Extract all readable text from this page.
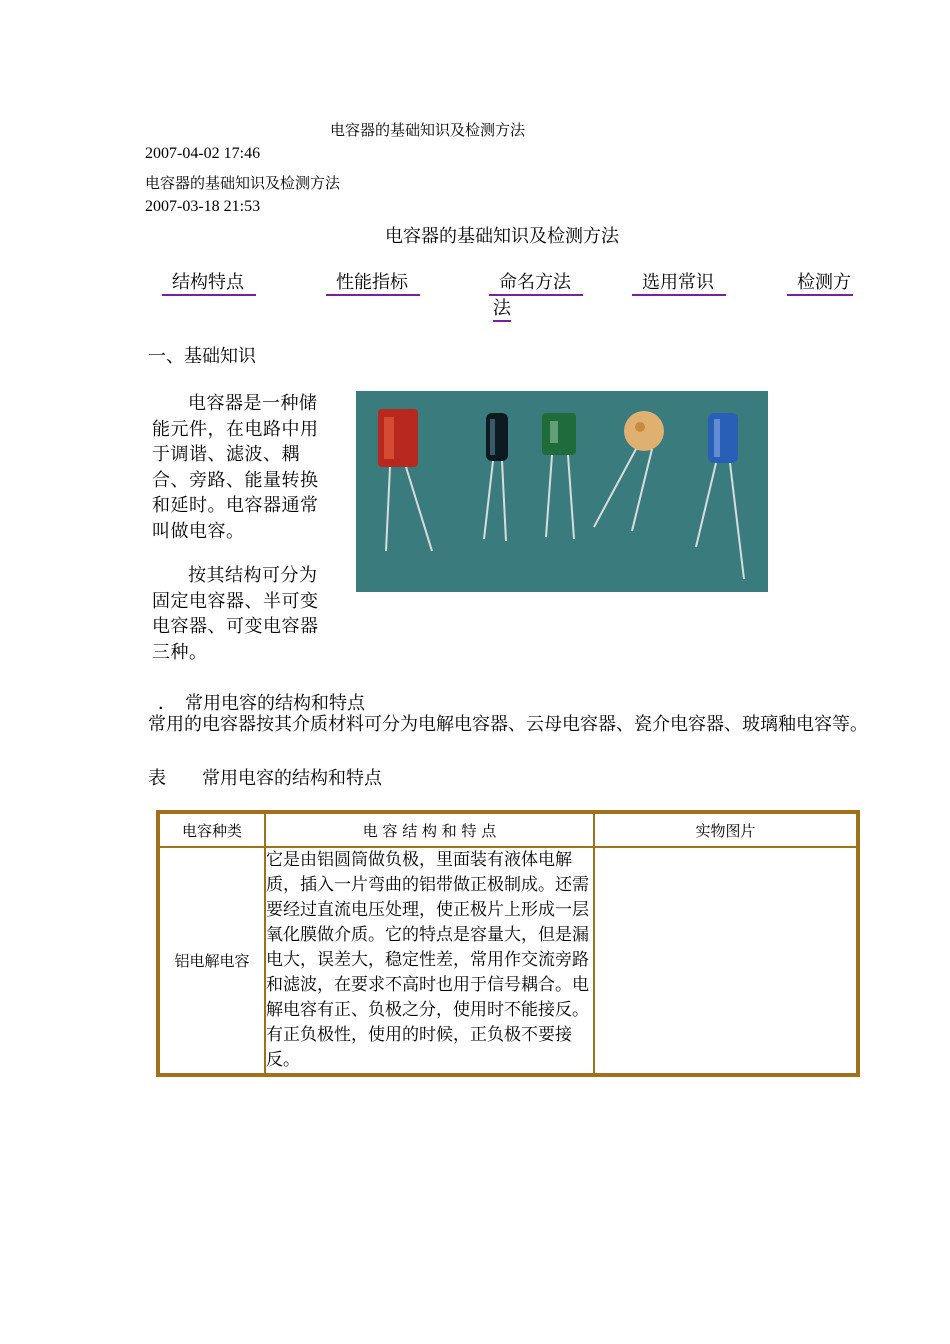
电容器的基础知识及检测方法
2007-04-02 17:46
电容器的基础知识及检测方法
2007-03-18 21:53
电容器的基础知识及检测方法
结构特点	性能指标	命名方法
法
选用常识	检测方
一、基础知识
电容器是一种储能元件，在电路中用于调谐、滤波、耦合、旁路、能量转换和延时。电容器通常叫做电容。
按其结构可分为固定电容器、半可变电容器、可变电容器三种。
．　常用电容的结构和特点
常用的电容器按其介质材料可分为电解电容器、云母电容器、瓷介电容器、玻璃釉电容等。
表　　常用电容的结构和特点
电容种类	电 容 结 构 和 特 点	实物图片
铝电解电容	它是由铝圆筒做负极，里面装有液体电解质，插入一片弯曲的铝带做正极制成。还需要经过直流电压处理，使正极片上形成一层氧化膜做介质。它的特点是容量大，但是漏电大，误差大，稳定性差，常用作交流旁路和滤波，在要求不高时也用于信号耦合。电解电容有正、负极之分，使用时不能接反。有正负极性，使用的时候，正负极不要接反。	
